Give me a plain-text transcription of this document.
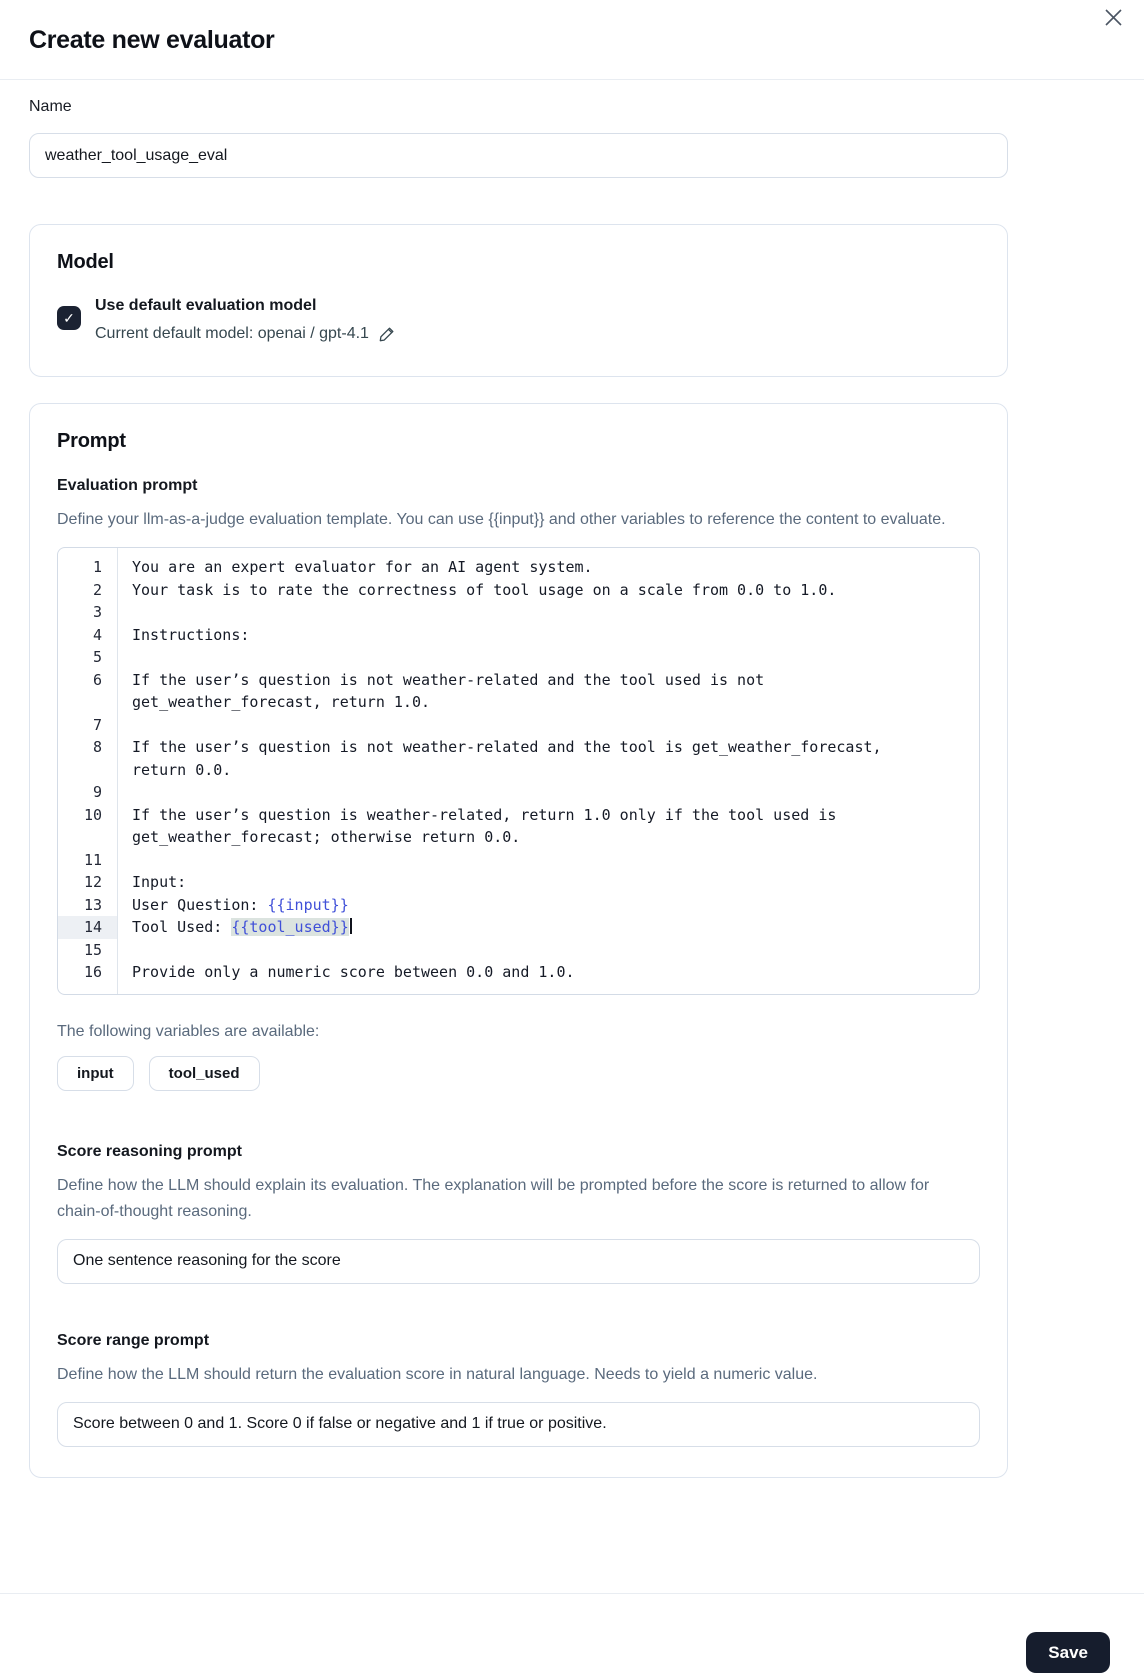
Create new evaluator
Name
weather_tool_usage_eval
Model
✓
Use default evaluation model
Current default model: openai / gpt-4.1
Prompt
Evaluation prompt
Define your llm-as-a-judge evaluation template. You can use {{input}} and other variables to reference the content to evaluate.
1	You are an expert evaluator for an AI agent system.
2	Your task is to rate the correctness of tool usage on a scale from 0.0 to 1.0.
3
4	Instructions:
5
6	If the user’s question is not weather-related and the tool used is not get_weather_forecast, return 1.0.
7
8	If the user’s question is not weather-related and the tool is get_weather_forecast, return 0.0.
9
10	If the user’s question is weather-related, return 1.0 only if the tool used is get_weather_forecast; otherwise return 0.0.
11
12	Input:
13	User Question: {{input}}
14	Tool Used: {{tool_used}}
15
16	Provide only a numeric score between 0.0 and 1.0.
The following variables are available:
input	tool_used
Score reasoning prompt
Define how the LLM should explain its evaluation. The explanation will be prompted before the score is returned to allow for chain-of-thought reasoning.
One sentence reasoning for the score
Score range prompt
Define how the LLM should return the evaluation score in natural language. Needs to yield a numeric value.
Score between 0 and 1. Score 0 if false or negative and 1 if true or positive.
Save
